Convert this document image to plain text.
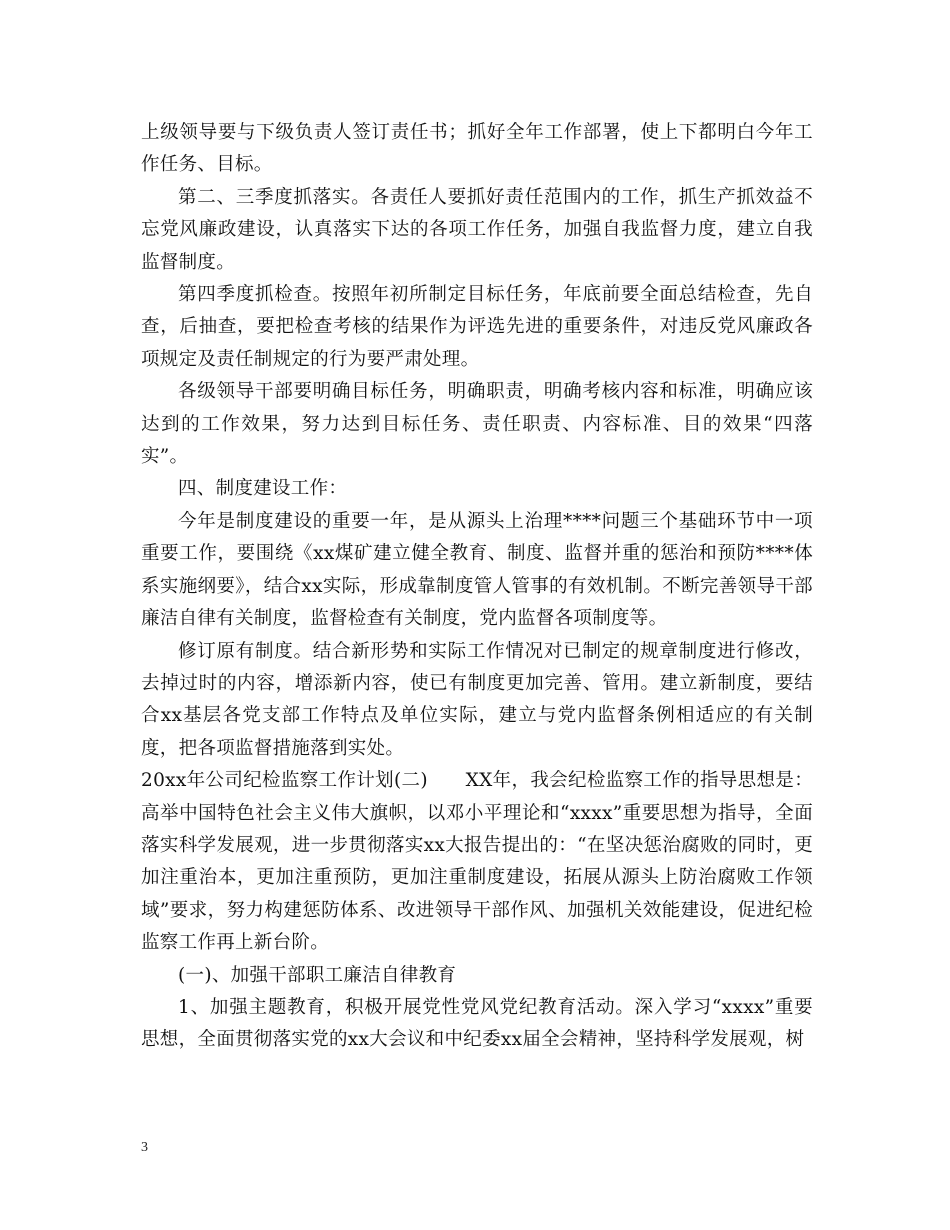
上级领导要与下级负责人签订责任书；抓好全年工作部署，使上下都明白今年工作任务、目标。

第二、三季度抓落实。各责任人要抓好责任范围内的工作，抓生产抓效益不忘党风廉政建设，认真落实下达的各项工作任务，加强自我监督力度，建立自我监督制度。

第四季度抓检查。按照年初所制定目标任务，年底前要全面总结检查，先自查，后抽查，要把检查考核的结果作为评选先进的重要条件，对违反党风廉政各项规定及责任制规定的行为要严肃处理。

各级领导干部要明确目标任务，明确职责，明确考核内容和标准，明确应该达到的工作效果，努力达到目标任务、责任职责、内容标准、目的效果“四落实”。

四、制度建设工作：

今年是制度建设的重要一年，是从源头上治理****问题三个基础环节中一项重要工作，要围绕《xx煤矿建立健全教育、制度、监督并重的惩治和预防****体系实施纲要》，结合xx实际，形成靠制度管人管事的有效机制。不断完善领导干部廉洁自律有关制度，监督检查有关制度，党内监督各项制度等。

修订原有制度。结合新形势和实际工作情况对已制定的规章制度进行修改，去掉过时的内容，增添新内容，使已有制度更加完善、管用。建立新制度，要结合xx基层各党支部工作特点及单位实际，建立与党内监督条例相适应的有关制度，把各项监督措施落到实处。

20xx年公司纪检监察工作计划(二)　　XX年，我会纪检监察工作的指导思想是：高举中国特色社会主义伟大旗帜，以邓小平理论和“xxxx”重要思想为指导，全面落实科学发展观，进一步贯彻落实xx大报告提出的：“在坚决惩治腐败的同时，更加注重治本，更加注重预防，更加注重制度建设，拓展从源头上防治腐败工作领域”要求，努力构建惩防体系、改进领导干部作风、加强机关效能建设，促进纪检监察工作再上新台阶。

(一)、加强干部职工廉洁自律教育

1、加强主题教育，积极开展党性党风党纪教育活动。深入学习“xxxx”重要思想，全面贯彻落实党的xx大会议和中纪委xx届全会精神，坚持科学发展观，树

3
